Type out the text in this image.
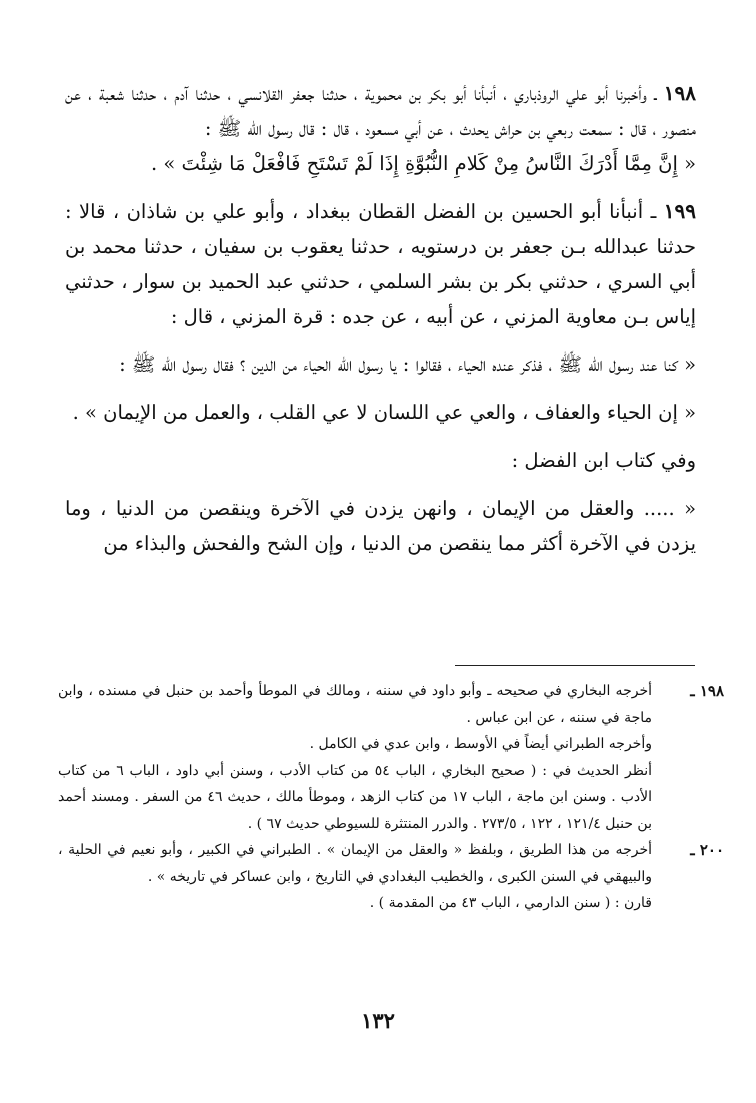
١٩٨ ـ وأخبرنا أبو علي الروذباري ، أنبأنا أبو بكر بن محموية ، حدثنا جعفر القلانسي ، حدثنا آدم ، حدثنا شعبة ، عن منصور ، قال : سمعت ربعي بن حراش يحدث ، عن أبي مسعود ، قال : قال رسول الله ﷺ :

« إِنَّ مِمَّا أَدْرَكَ النَّاسُ مِنْ كَلامِ النُّبُوَّةِ إِذَا لَمْ تَسْتَحِ فَافْعَلْ مَا شِئْتَ » .

١٩٩ ـ أنبأنا أبو الحسين بن الفضل القطان ببغداد ، وأبو علي بن شاذان ، قالا : حدثنا عبدالله بـن جعفر بن درستويه ، حدثنا يعقوب بن سفيان ، حدثنا محمد بن أبي السري ، حدثني بكر بن بشر السلمي ، حدثني عبد الحميد بن سوار ، حدثني إياس بـن معاوية المزني ، عن أبيه ، عن جده : قرة المزني ، قال :

« كنا عند رسول الله ﷺ ، فذكر عنده الحياء ، فقالوا : يا رسول الله الحياء من الدين ؟ فقال رسول الله ﷺ :

« إن الحياء والعفاف ، والعي عي اللسان لا عي القلب ، والعمل من الإيمان » .

وفي كتاب ابن الفضل :

« ..... والعقل من الإيمان ، وانهن يزدن في الآخرة وينقصن من الدنيا ، وما يزدن في الآخرة أكثر مما ينقصن من الدنيا ، وإن الشح والفحش والبذاء من

١٩٨ ـ

أخرجه البخاري في صحيحه ـ وأبو داود في سننه ، ومالك في الموطأ وأحمد بن حنبل في مسنده ، وابن ماجة في سننه ، عن ابن عباس .

وأخرجه الطبراني أيضاً في الأوسط ، وابن عدي في الكامل .

أنظر الحديث في : ( صحيح البخاري ، الباب ٥٤ من كتاب الأدب ، وسنن أبي داود ، الباب ٦ من كتاب الأدب . وسنن ابن ماجة ، الباب ١٧ من كتاب الزهد ، وموطأ مالك ، حديث ٤٦ من السفر . ومسند أحمد بن حنبل ١٢١/٤ ، ١٢٢ ، ٢٧٣/٥ . والدرر المنتثرة للسيوطي حديث ٦٧ ) .

٢٠٠ ـ

أخرجه من هذا الطريق ، وبلفظ « والعقل من الإيمان » . الطبراني في الكبير ، وأبو نعيم في الحلية ، والبيهقي في السنن الكبرى ، والخطيب البغدادي في التاريخ ، وابن عساكر في تاريخه » .

قارن : ( سنن الدارمي ، الباب ٤٣ من المقدمة ) .

١٣٢
